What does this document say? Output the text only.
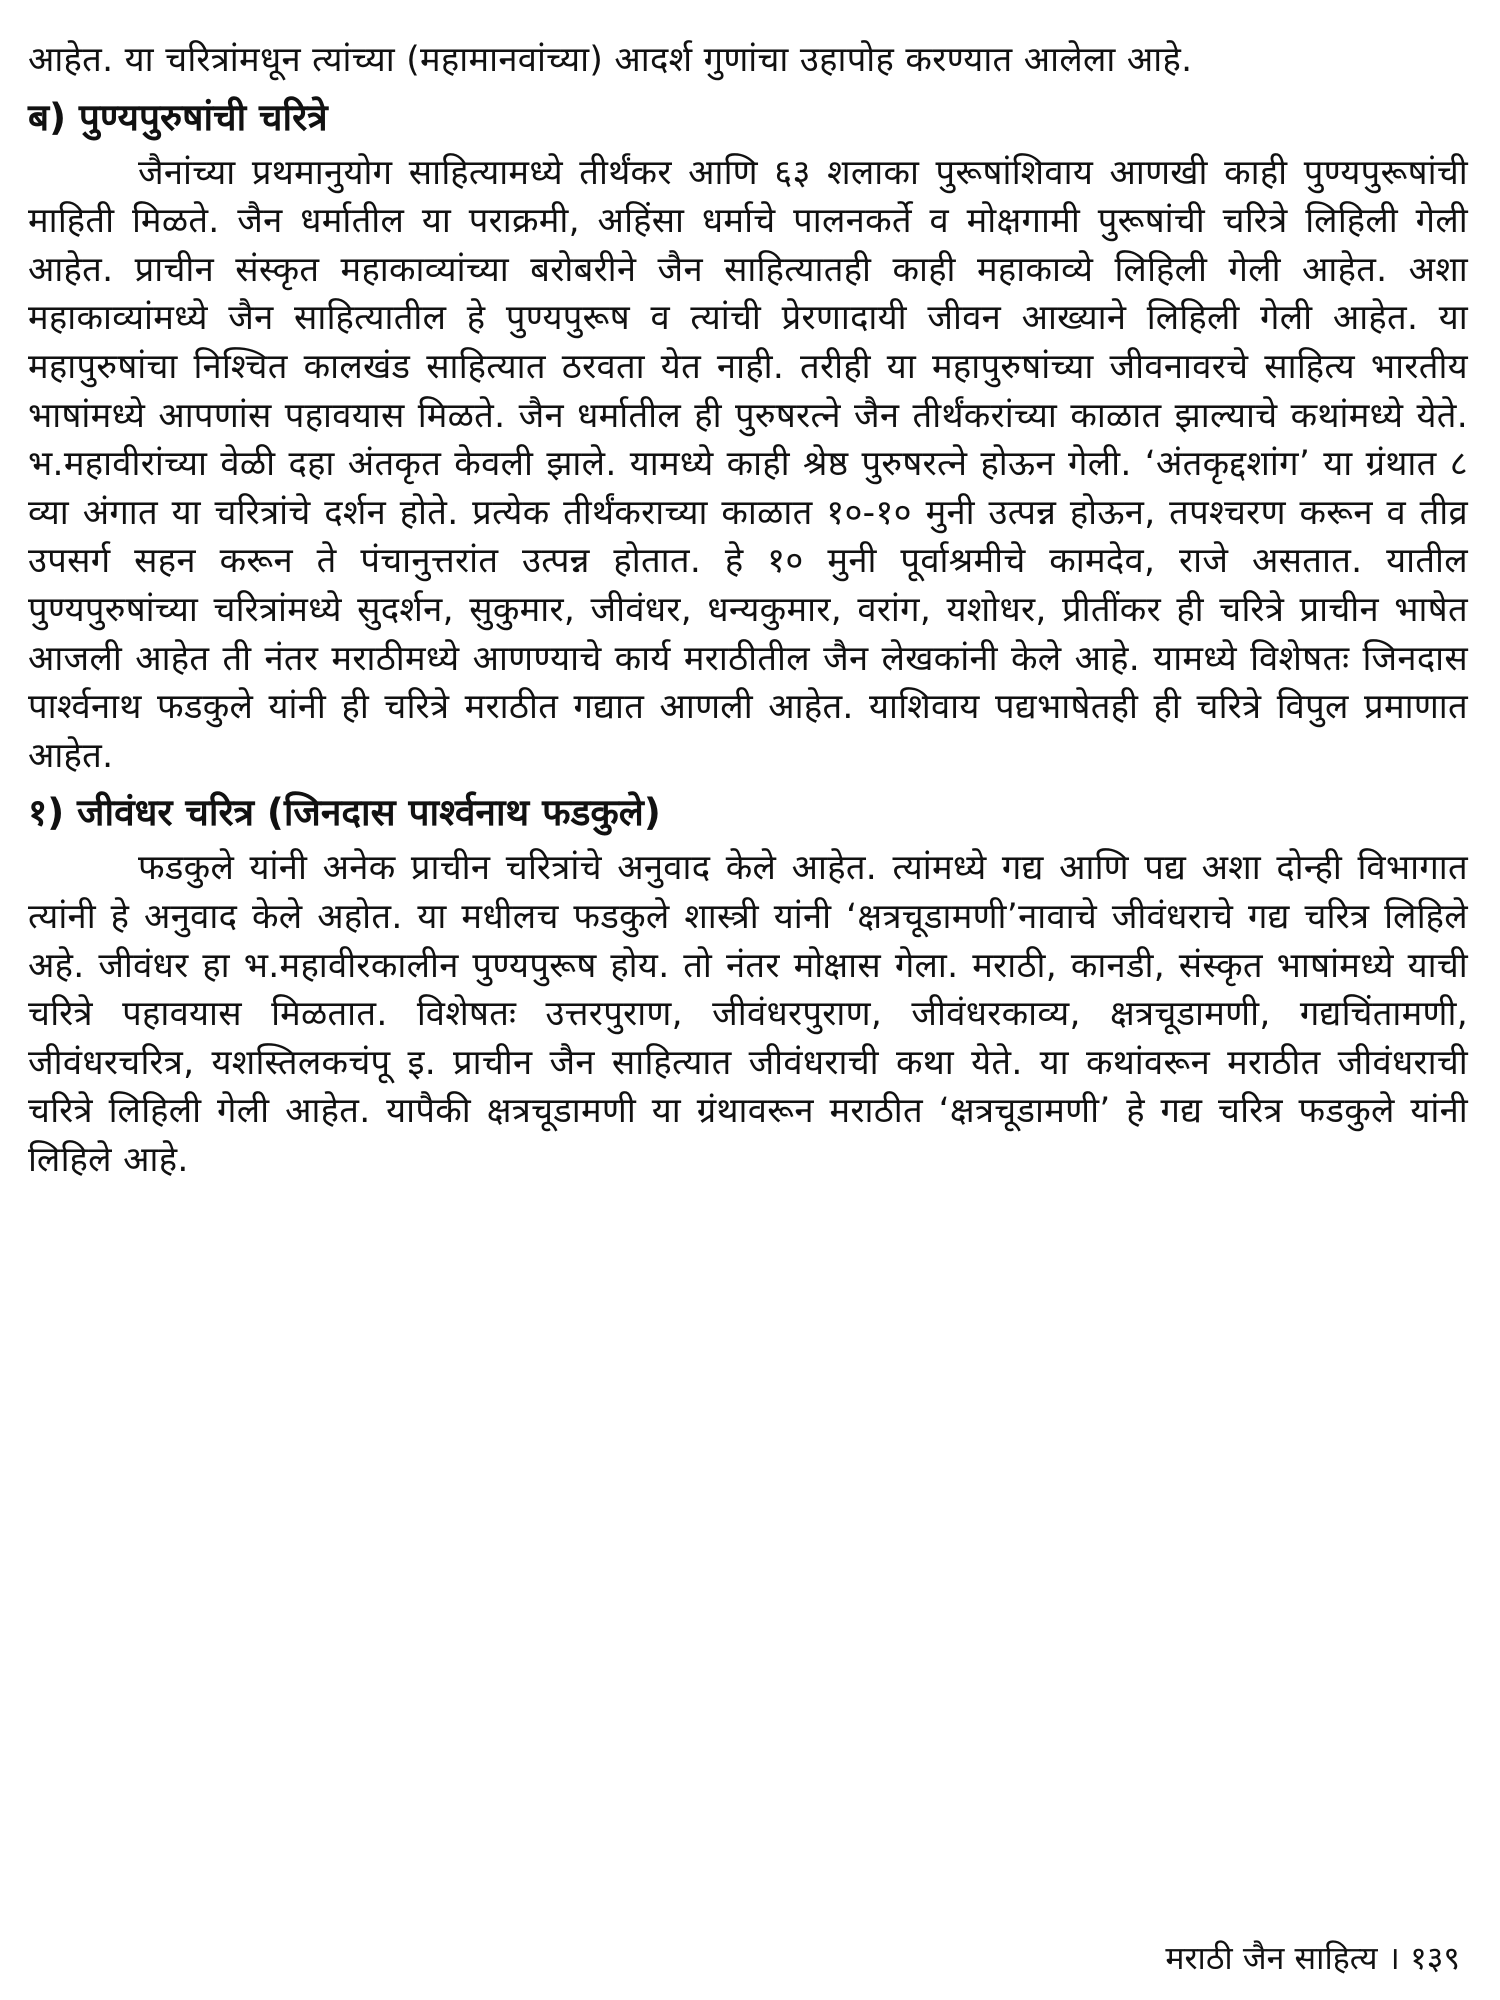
आहेत. या चरित्रांमधून त्यांच्या (महामानवांच्या) आदर्श गुणांचा उहापोह करण्यात आलेला आहे.

ब) पुण्यपुरुषांची चरित्रे

जैनांच्या प्रथमानुयोग साहित्यामध्ये तीर्थंकर आणि ६३ शलाका पुरूषांशिवाय आणखी काही पुण्यपुरूषांची माहिती मिळते. जैन धर्मातील या पराक्रमी, अहिंसा धर्माचे पालनकर्ते व मोक्षगामी पुरूषांची चरित्रे लिहिली गेली आहेत. प्राचीन संस्कृत महाकाव्यांच्या बरोबरीने जैन साहित्यातही काही महाकाव्ये लिहिली गेली आहेत. अशा महाकाव्यांमध्ये जैन साहित्यातील हे पुण्यपुरूष व त्यांची प्रेरणादायी जीवन आख्याने लिहिली गेली आहेत. या महापुरुषांचा निश्चित कालखंड साहित्यात ठरवता येत नाही. तरीही या महापुरुषांच्या जीवनावरचे साहित्य भारतीय भाषांमध्ये आपणांस पहावयास मिळते. जैन धर्मातील ही पुरुषरत्ने जैन तीर्थंकरांच्या काळात झाल्याचे कथांमध्ये येते. भ.महावीरांच्या वेळी दहा अंतकृत केवली झाले. यामध्ये काही श्रेष्ठ पुरुषरत्ने होऊन गेली. ‘अंतकृद्दशांग’ या ग्रंथात ८ व्या अंगात या चरित्रांचे दर्शन होते. प्रत्येक तीर्थंकराच्या काळात १०-१० मुनी उत्पन्न होऊन, तपश्चरण करून व तीव्र उपसर्ग सहन करून ते पंचानुत्तरांत उत्पन्न होतात. हे १० मुनी पूर्वाश्रमीचे कामदेव, राजे असतात. यातील पुण्यपुरुषांच्या चरित्रांमध्ये सुदर्शन, सुकुमार, जीवंधर, धन्यकुमार, वरांग, यशोधर, प्रीतींकर ही चरित्रे प्राचीन भाषेत आजली आहेत ती नंतर मराठीमध्ये आणण्याचे कार्य मराठीतील जैन लेखकांनी केले आहे. यामध्ये विशेषतः जिनदास पार्श्वनाथ फडकुले यांनी ही चरित्रे मराठीत गद्यात आणली आहेत. याशिवाय पद्यभाषेतही ही चरित्रे विपुल प्रमाणात आहेत.

१) जीवंधर चरित्र (जिनदास पार्श्वनाथ फडकुले)

फडकुले यांनी अनेक प्राचीन चरित्रांचे अनुवाद केले आहेत. त्यांमध्ये गद्य आणि पद्य अशा दोन्ही विभागात त्यांनी हे अनुवाद केले अहोत. या मधीलच फडकुले शास्त्री यांनी ‘क्षत्रचूडामणी’नावाचे जीवंधराचे गद्य चरित्र लिहिले अहे. जीवंधर हा भ.महावीरकालीन पुण्यपुरूष होय. तो नंतर मोक्षास गेला. मराठी, कानडी, संस्कृत भाषांमध्ये याची चरित्रे पहावयास मिळतात. विशेषतः उत्तरपुराण, जीवंधरपुराण, जीवंधरकाव्य, क्षत्रचूडामणी, गद्यचिंतामणी, जीवंधरचरित्र, यशस्तिलकचंपू इ. प्राचीन जैन साहित्यात जीवंधराची कथा येते. या कथांवरून मराठीत जीवंधराची चरित्रे लिहिली गेली आहेत. यापैकी क्षत्रचूडामणी या ग्रंथावरून मराठीत ‘क्षत्रचूडामणी’ हे गद्य चरित्र फडकुले यांनी लिहिले आहे.

मराठी जैन साहित्य । १३९
